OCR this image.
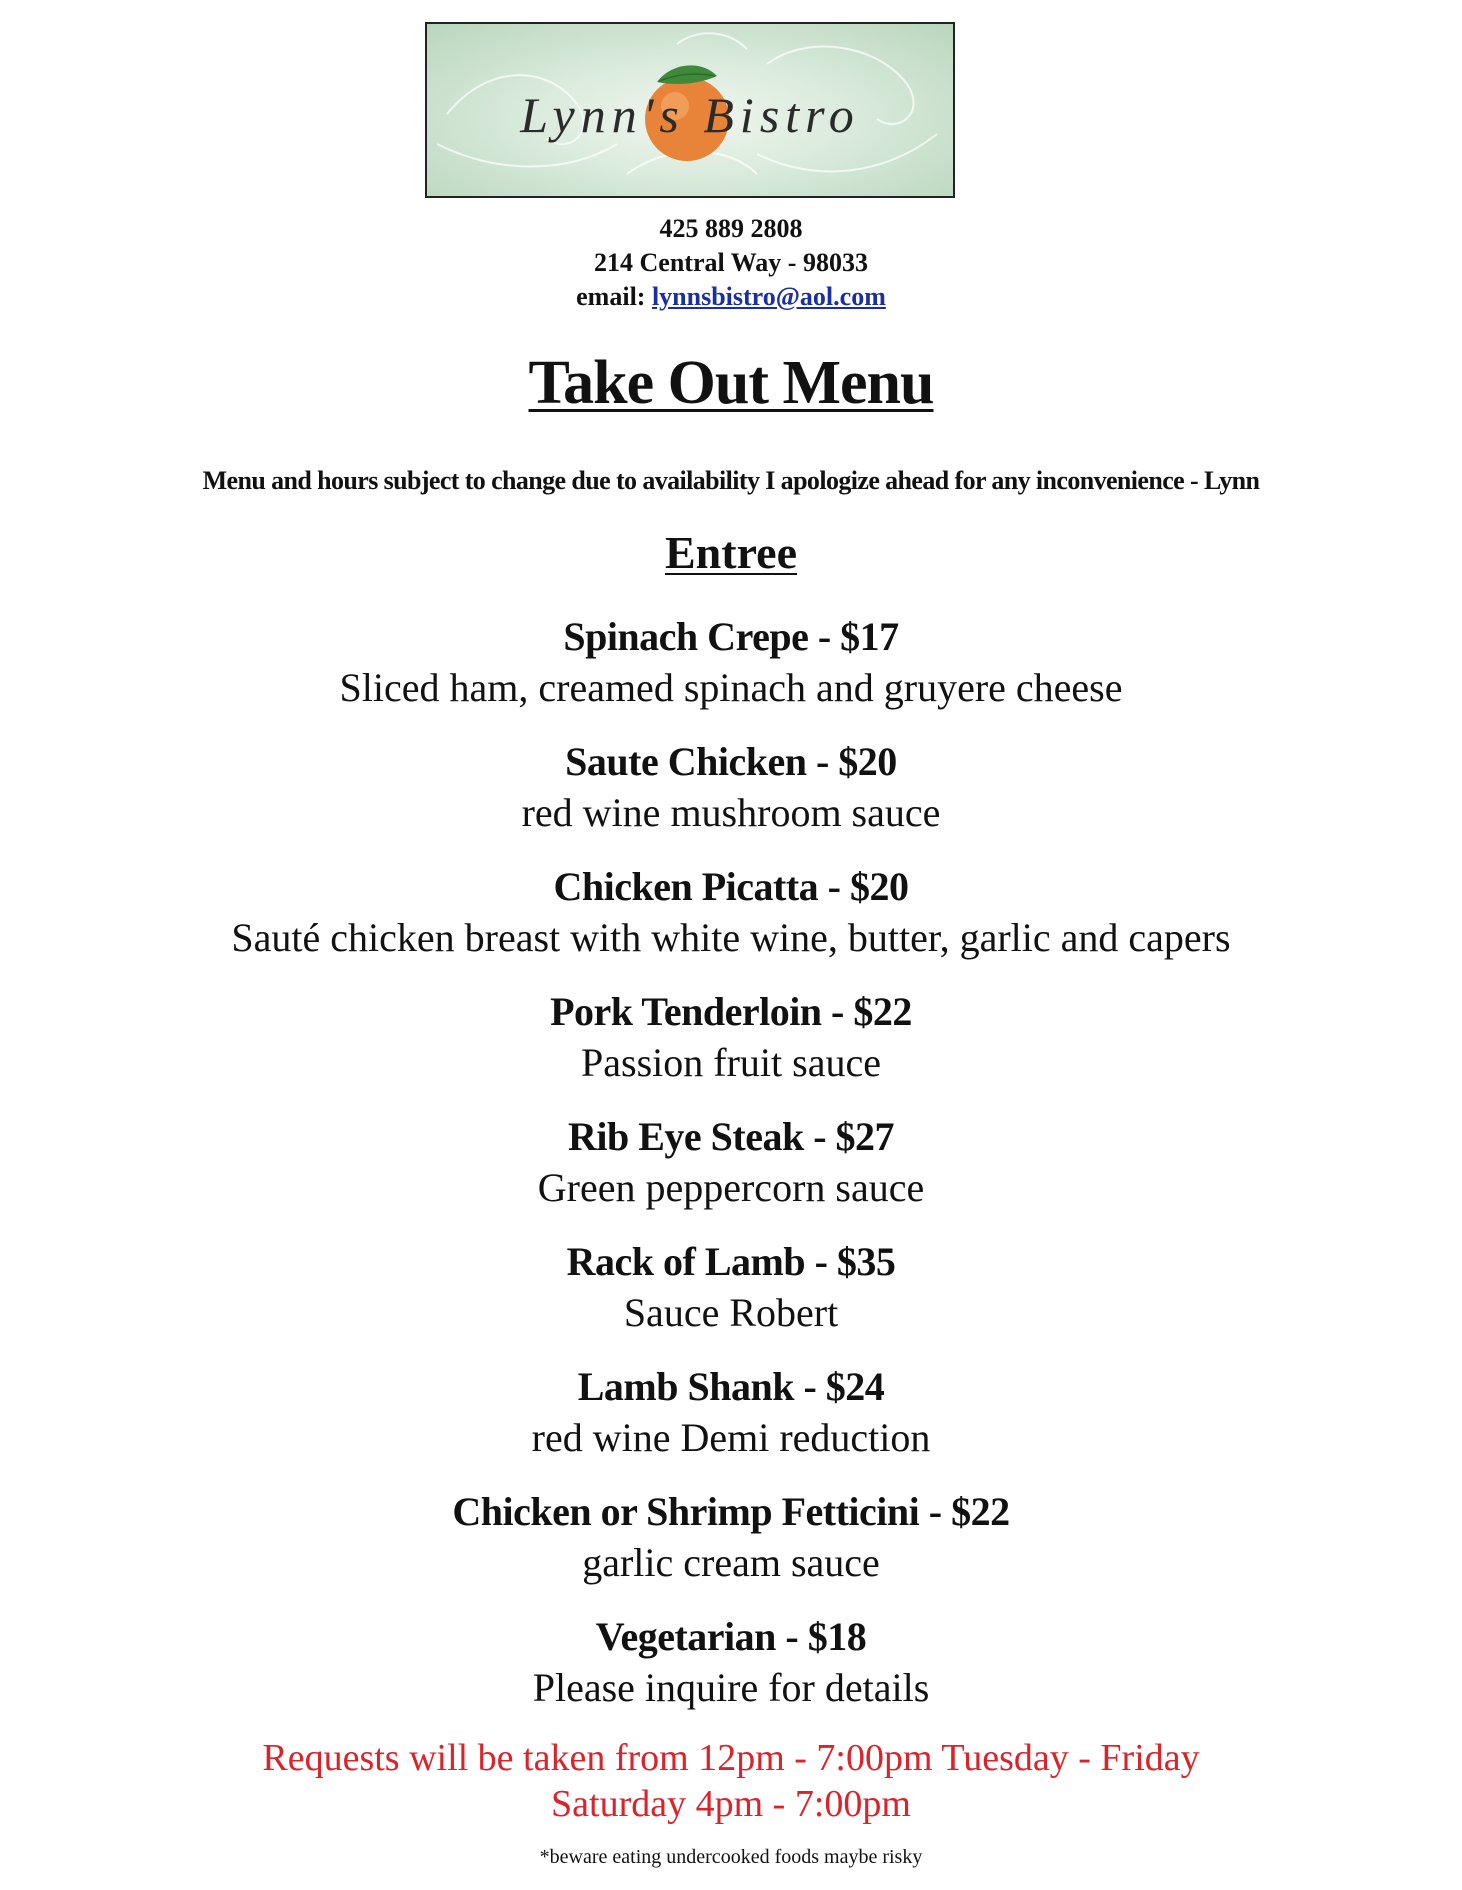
Lynn's Bistro
425 889 2808
214 Central Way - 98033
email: lynnsbistro@aol.com
Take Out Menu
Menu and hours subject to change due to availability I apologize ahead for any inconvenience - Lynn
Entree
Spinach Crepe - $17
Sliced ham, creamed spinach and gruyere cheese
Saute Chicken - $20
red wine mushroom sauce
Chicken Picatta - $20
Sauté chicken breast with white wine, butter, garlic and capers
Pork Tenderloin - $22
Passion fruit sauce
Rib Eye Steak - $27
Green peppercorn sauce
Rack of Lamb - $35
Sauce Robert
Lamb Shank - $24
red wine Demi reduction
Chicken or Shrimp Fetticini - $22
garlic cream sauce
Vegetarian - $18
Please inquire for details
Requests will be taken from 12pm - 7:00pm Tuesday - Friday
Saturday 4pm - 7:00pm
*beware eating undercooked foods maybe risky
